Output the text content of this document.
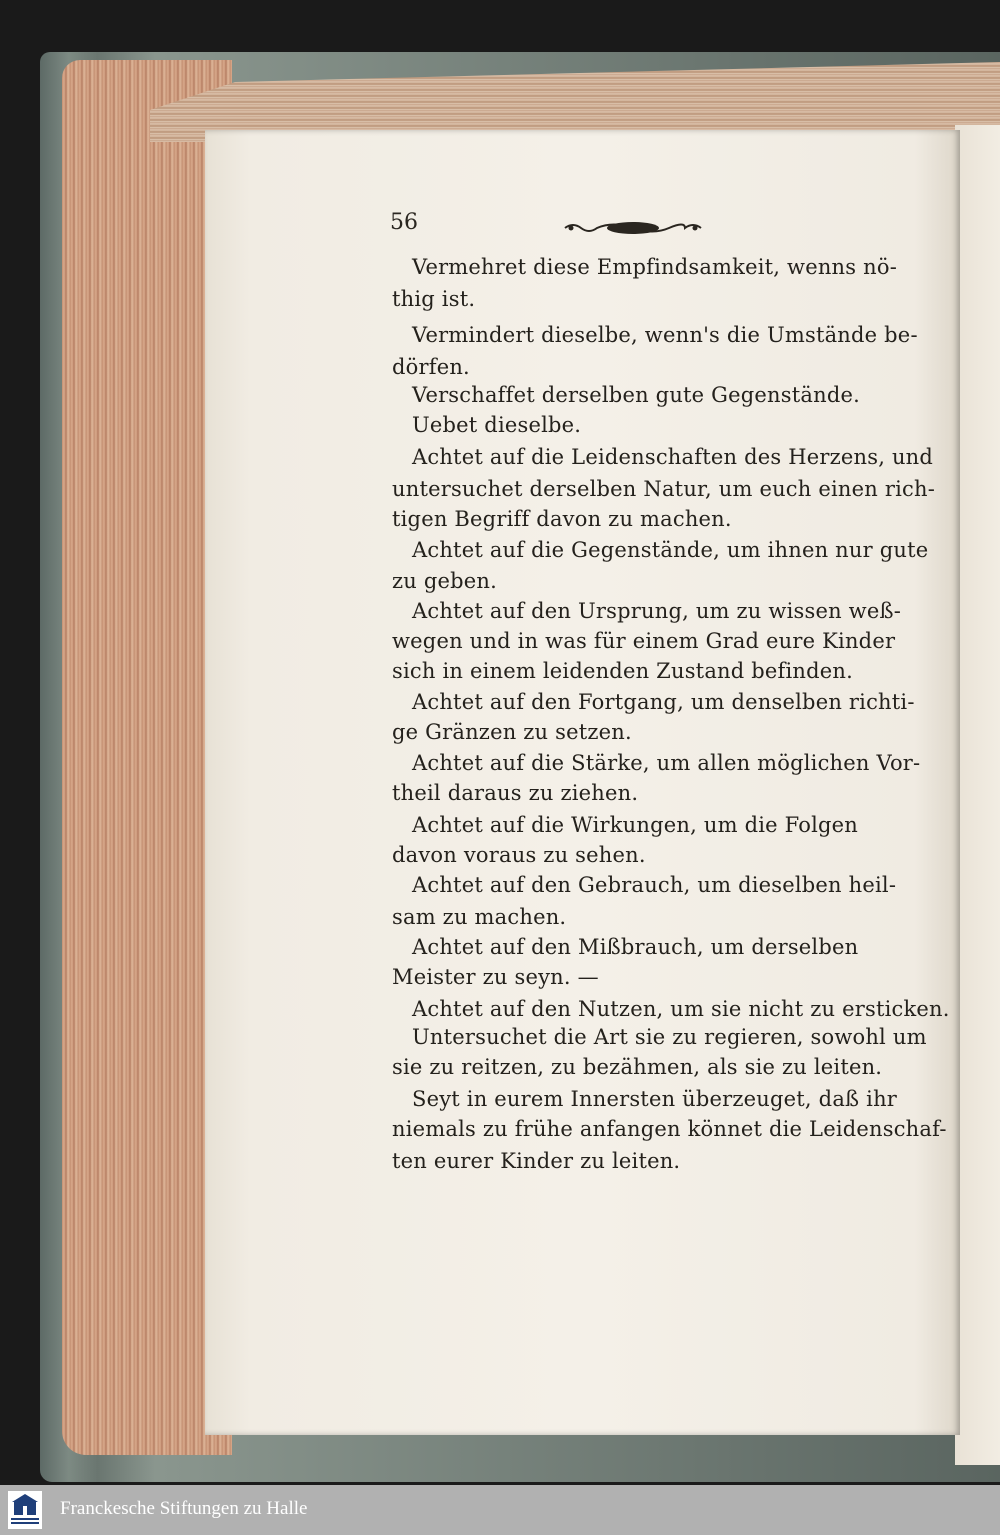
56
Vermehret diese Empfindsamkeit, wenns nö-
thig ist.
Vermindert dieselbe, wenn's die Umstände be-
dörfen.
Verschaffet derselben gute Gegenstände.
Uebet dieselbe.
Achtet auf die Leidenschaften des Herzens, und
untersuchet derselben Natur, um euch einen rich-
tigen Begriff davon zu machen.
Achtet auf die Gegenstände, um ihnen nur gute
zu geben.
Achtet auf den Ursprung, um zu wissen weß-
wegen und in was für einem Grad eure Kinder
sich in einem leidenden Zustand befinden.
Achtet auf den Fortgang, um denselben richti-
ge Gränzen zu setzen.
Achtet auf die Stärke, um allen möglichen Vor-
theil daraus zu ziehen.
Achtet auf die Wirkungen, um die Folgen
davon voraus zu sehen.
Achtet auf den Gebrauch, um dieselben heil-
sam zu machen.
Achtet auf den Mißbrauch, um derselben
Meister zu seyn. —
Achtet auf den Nutzen, um sie nicht zu ersticken.
Untersuchet die Art sie zu regieren, sowohl um
sie zu reitzen, zu bezähmen, als sie zu leiten.
Seyt in eurem Innersten überzeuget, daß ihr
niemals zu frühe anfangen könnet die Leidenschaf-
ten eurer Kinder zu leiten.
Franckesche Stiftungen zu Halle
